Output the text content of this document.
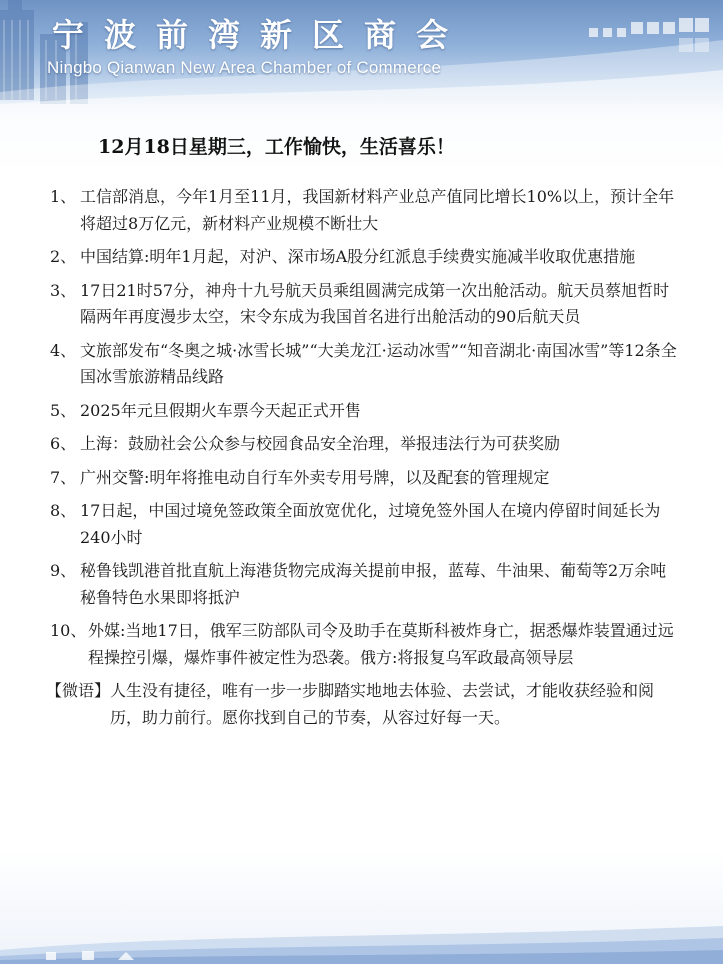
宁波前湾新区商会
Ningbo Qianwan New Area Chamber of Commerce
12月18日星期三，工作愉快，生活喜乐！
1、 工信部消息，今年1月至11月，我国新材料产业总产值同比增长10%以上，预计全年将超过8万亿元，新材料产业规模不断壮大
2、 中国结算:明年1月起，对沪、深市场A股分红派息手续费实施减半收取优惠措施
3、 17日21时57分，神舟十九号航天员乘组圆满完成第一次出舱活动。航天员蔡旭哲时隔两年再度漫步太空，宋令东成为我国首名进行出舱活动的90后航天员
4、 文旅部发布“冬奥之城·冰雪长城”“大美龙江·运动冰雪”“知音湖北·南国冰雪”等12条全国冰雪旅游精品线路
5、 2025年元旦假期火车票今天起正式开售
6、 上海：鼓励社会公众参与校园食品安全治理，举报违法行为可获奖励
7、 广州交警:明年将推电动自行车外卖专用号牌，以及配套的管理规定
8、 17日起，中国过境免签政策全面放宽优化，过境免签外国人在境内停留时间延长为240小时
9、 秘鲁钱凯港首批直航上海港货物完成海关提前申报，蓝莓、牛油果、葡萄等2万余吨秘鲁特色水果即将抵沪
10、 外媒:当地17日，俄军三防部队司令及助手在莫斯科被炸身亡，据悉爆炸装置通过远程操控引爆，爆炸事件被定性为恐袭。俄方:将报复乌军政最高领导层
【微语】 人生没有捷径，唯有一步一步脚踏实地地去体验、去尝试，才能收获经验和阅历，助力前行。愿你找到自己的节奏，从容过好每一天。
